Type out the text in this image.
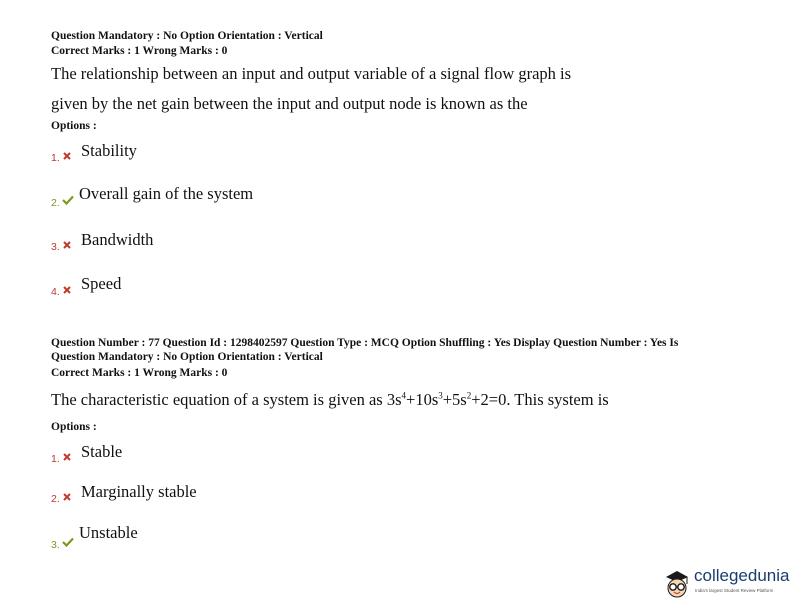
Question Mandatory : No Option Orientation : Vertical
Correct Marks : 1 Wrong Marks : 0
The relationship between an input and output variable of a signal flow graph is
given by the net gain between the input and output node is known as the
Options :
1. Stability
2. Overall gain of the system
3. Bandwidth
4. Speed
Question Number : 77 Question Id : 1298402597 Question Type : MCQ Option Shuffling : Yes Display Question Number : Yes Is
Question Mandatory : No Option Orientation : Vertical
Correct Marks : 1 Wrong Marks : 0
The characteristic equation of a system is given as $3s^4+10s^3+5s^2+2=0$. This system is
Options :
1. Stable
2. Marginally stable
3.
Unstable
collegedunia
India's largest Student Review Platform
